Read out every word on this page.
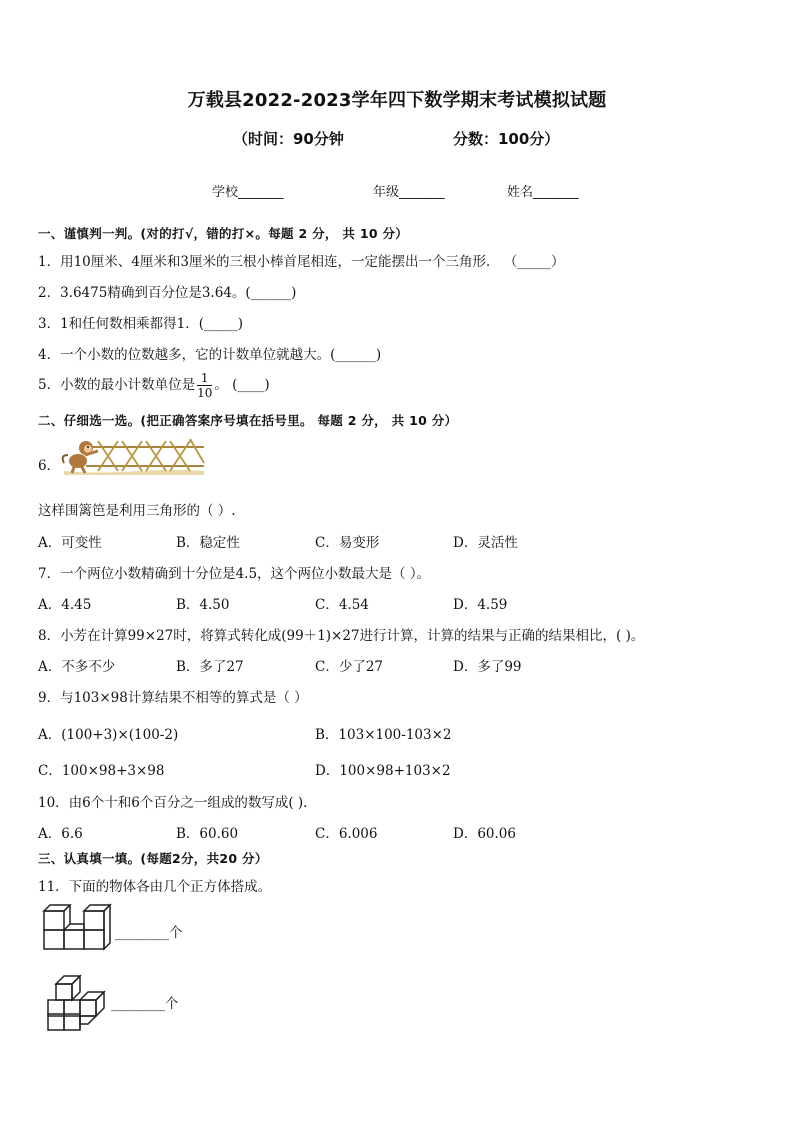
万载县2022-2023学年四下数学期末考试模拟试题
（时间：90分钟	分数：100分）
学校_______	年级_______	姓名_______
一、谨慎判一判。(对的打√，错的打×。每题 2 分， 共 10 分）
1．用10厘米、4厘米和3厘米的三根小棒首尾相连，一定能摆出一个三角形． （_____）
2．3.6475精确到百分位是3.64。(______)
3．1和任何数相乘都得1．(_____)
4．一个小数的位数越多，它的计数单位就越大。(______)
5．小数的最小计数单位是 $\frac{1}{10}$ 。 (____)
二、仔细选一选。(把正确答案序号填在括号里。 每题 2 分， 共 10 分）
6．
这样围篱笆是利用三角形的（ ）.
A．可变性	B．稳定性	C．易变形	D．灵活性
7．一个两位小数精确到十分位是4.5，这个两位小数最大是（ ）。
A．4.45	B．4.50	C．4.54	D．4.59
8．小芳在计算99×27时，将算式转化成(99＋1)×27进行计算，计算的结果与正确的结果相比，( )。
A．不多不少	B．多了27	C．少了27	D．多了99
9．与103×98计算结果不相等的算式是（ ）
A．(100+3)×(100-2)	B．103×100-103×2
C．100×98+3×98	D．100×98+103×2
10．由6个十和6个百分之一组成的数写成( ).
A．6.6	B．60.60	C．6.006	D．60.06
三、认真填一填。(每题2分，共20 分）
11．下面的物体各由几个正方体搭成。
________个
________个
